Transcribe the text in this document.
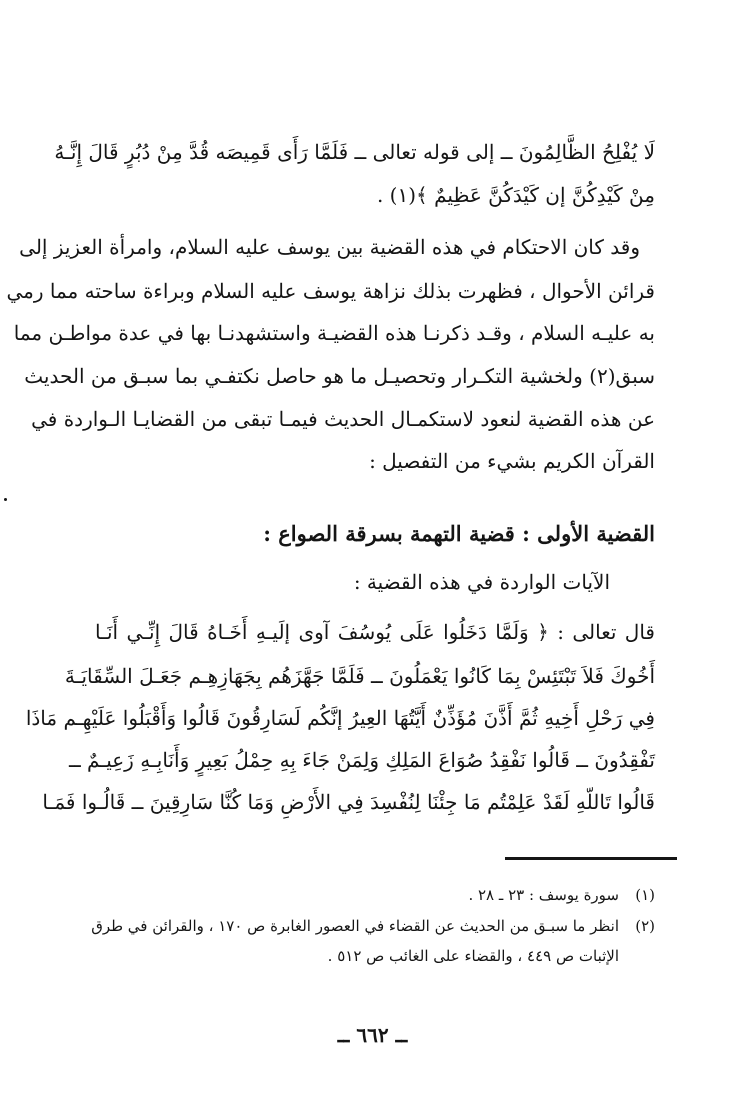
لَا يُفْلِحُ الظَّالِمُونَ ــ إلى قوله تعالى ــ فَلَمَّا رَأَى قَمِيصَه قُدَّ مِنْ دُبُرٍ قَالَ إِنَّـهُ
مِنْ كَيْدِكُنَّ إن كَيْدَكُنَّ عَظِيمٌ ﴾(١) .
وقد كان الاحتكام في هذه القضية بين يوسف عليه السلام، وامرأة العزيز إلى
قرائن الأحوال ، فظهرت بذلك نزاهة يوسف عليه السلام وبراءة ساحته مما رمي
به عليـه السلام ، وقـد ذكرنـا هذه القضيـة واستشهدنـا بها في عدة مواطـن مما
سبق(٢) ولخشية التكـرار وتحصيـل ما هو حاصل نكتفـي بما سبـق من الحديث
عن هذه القضية لنعود لاستكمـال الحديث فيمـا تبقى من القضايـا الـواردة في
القرآن الكريم بشيء من التفصيل :
القضية الأولى : قضية التهمة بسرقة الصواع :
الآيات الواردة في هذه القضية :
قال تعالى : ﴿ وَلَمَّا دَخَلُوا عَلَى يُوسُفَ آوى إلَيـهِ أَخَـاهُ قَالَ إِنِّـي أَنَـا
أَخُوكَ فَلاَ تَبْتَئِسْ بِمَا كَانُوا يَعْمَلُونَ ــ فَلَمَّا جَهَّزَهُم بِجَهَازِهِـم جَعَـلَ السِّقَايَـةَ
فِي رَحْلِ أَخِيهِ ثُمَّ أَذَّنَ مُؤَذِّنٌ أَيَّتُهَا العِيرُ إنَّكُم لَسَارِقُونَ قَالُوا وَأَقْبَلُوا عَلَيْهِـم مَاذَا
تَفْقِدُونَ ــ قَالُوا نَفْقِدُ صُوَاعَ المَلِكِ وَلِمَنْ جَاءَ بِهِ حِمْلُ بَعِيرٍ وَأَنَابِـهِ زَعِيـمٌ ــ
قَالُوا تَاللّهِ لَقَدْ عَلِمْتُم مَا جِئْنَا لِنُفْسِدَ فِي الأَرْضِ وَمَا كُنَّا سَارِقِينَ ــ قَالُـوا فَمَـا
(١)سورة يوسف : ٢٣ ـ ٢٨ .
(٢)انظر ما سبـق من الحديث عن القضاء في العصور الغابرة ص ١٧٠ ، والقرائن في طرق
الإثبات ص ٤٤٩ ، والقضاء على الغائب ص ٥١٢ .
ــ ٦٦٢ ــ
